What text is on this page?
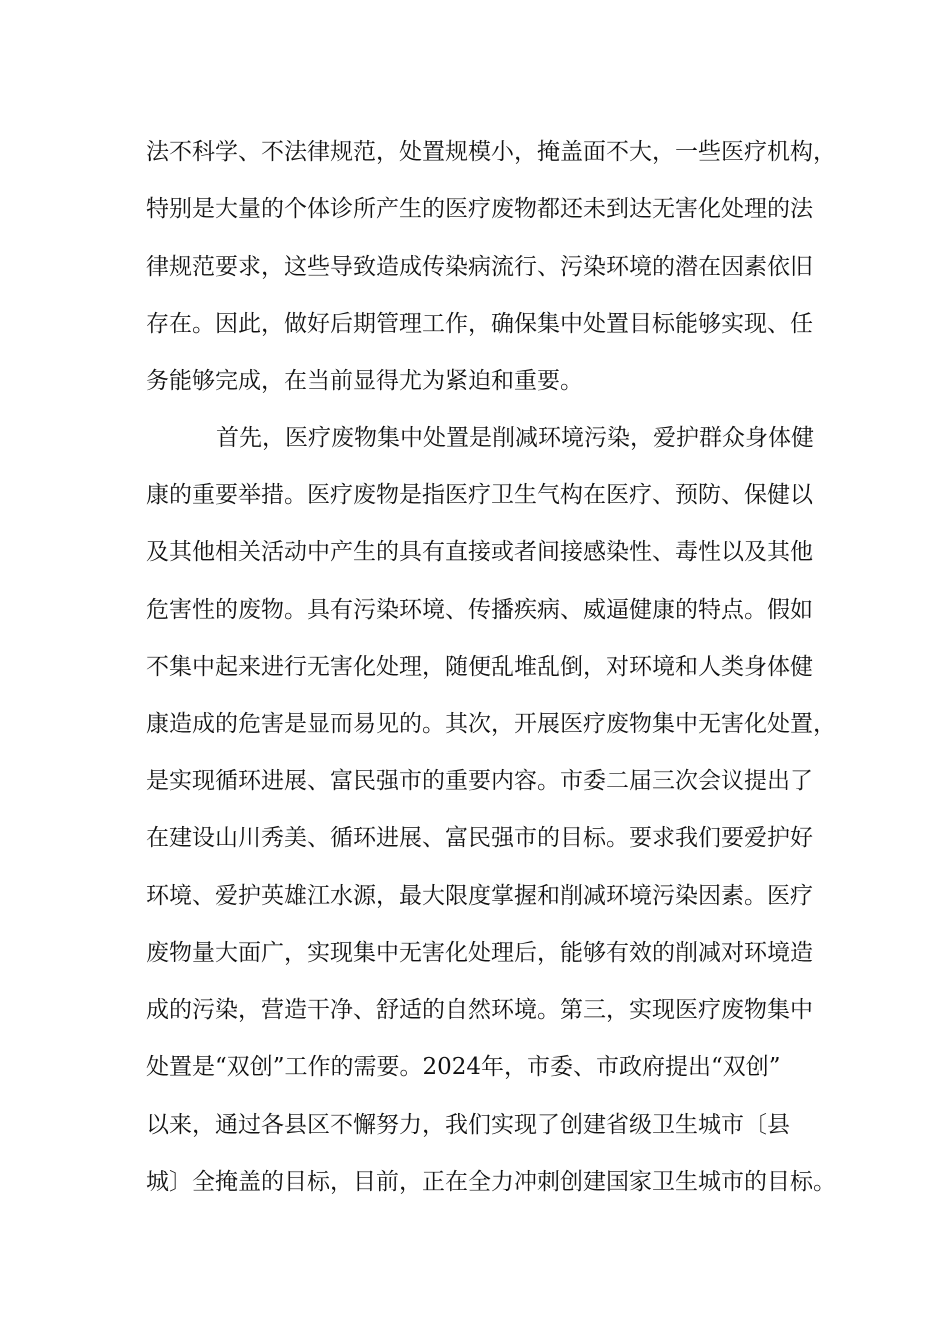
法不科学、不法律规范，处置规模小，掩盖面不大，一些医疗机构，
特别是大量的个体诊所产生的医疗废物都还未到达无害化处理的法
律规范要求，这些导致造成传染病流行、污染环境的潜在因素依旧
存在。因此，做好后期管理工作，确保集中处置目标能够实现、任
务能够完成，在当前显得尤为紧迫和重要。
首先，医疗废物集中处置是削减环境污染，爱护群众身体健
康的重要举措。医疗废物是指医疗卫生气构在医疗、预防、保健以
及其他相关活动中产生的具有直接或者间接感染性、毒性以及其他
危害性的废物。具有污染环境、传播疾病、威逼健康的特点。假如
不集中起来进行无害化处理，随便乱堆乱倒，对环境和人类身体健
康造成的危害是显而易见的。其次，开展医疗废物集中无害化处置，
是实现循环进展、富民强市的重要内容。市委二届三次会议提出了
在建设山川秀美、循环进展、富民强市的目标。要求我们要爱护好
环境、爱护英雄江水源，最大限度掌握和削减环境污染因素。医疗
废物量大面广，实现集中无害化处理后，能够有效的削减对环境造
成的污染，营造干净、舒适的自然环境。第三，实现医疗废物集中
处置是“双创”工作的需要。2024年，市委、市政府提出“双创”
以来，通过各县区不懈努力，我们实现了创建省级卫生城市〔县
城〕全掩盖的目标，目前，正在全力冲刺创建国家卫生城市的目标。
